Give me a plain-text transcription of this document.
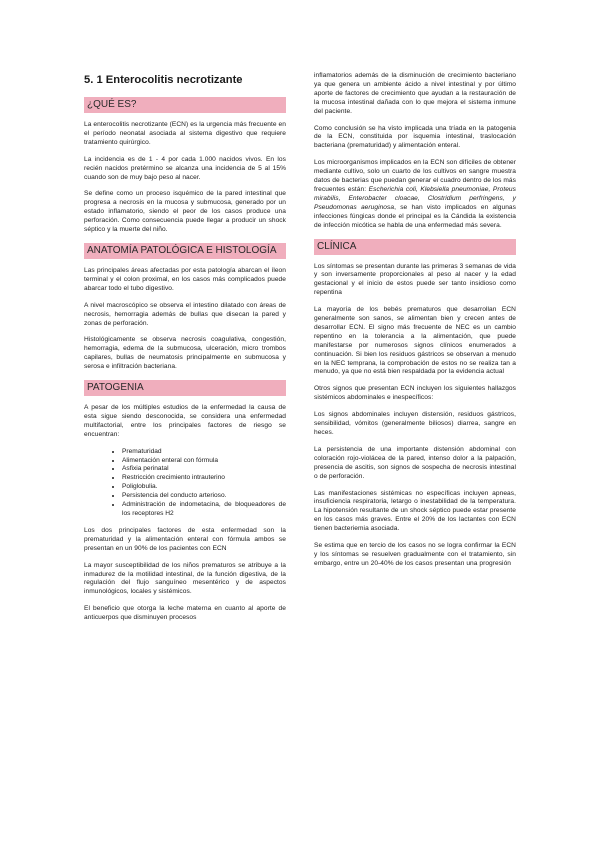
5. 1 Enterocolitis necrotizante
¿QUÉ ES?

La enterocolitis necrotizante (ECN) es la urgencia más frecuente en el período neonatal asociada al sistema digestivo que requiere tratamiento quirúrgico.

La incidencia es de 1 - 4 por cada 1.000 nacidos vivos. En los recién nacidos pretérmino se alcanza una incidencia de 5 al 15% cuando son de muy bajo peso al nacer.

Se define como un proceso isquémico de la pared intestinal que progresa a necrosis en la mucosa y submucosa, generado por un estado inflamatorio, siendo el peor de los casos produce una perforación. Como consecuencia puede llegar a producir un shock séptico y la muerte del niño.

ANATOMÍA PATOLÓGICA E HISTOLOGÍA

Las principales áreas afectadas por esta patología abarcan el íleon terminal y el colon proximal, en los casos más complicados puede abarcar todo el tubo digestivo.

A nivel macroscópico se observa el intestino dilatado con áreas de necrosis, hemorragia además de bullas que disecan la pared y zonas de perforación.

Histológicamente se observa necrosis coagulativa, congestión, hemorragia, edema de la submucosa, ulceración, micro trombos capilares, bullas de neumatosis principalmente en submucosa y serosa e infiltración bacteriana.

PATOGENIA

A pesar de los múltiples estudios de la enfermedad la causa de esta sigue siendo desconocida, se considera una enfermedad multifactorial, entre los principales factores de riesgo se encuentran:

• Prematuridad
• Alimentación enteral con fórmula
• Asfixia perinatal
• Restricción crecimiento intrauterino
• Poliglobulia.
• Persistencia del conducto arterioso.
• Administración de indometacina, de bloqueadores de los receptores H2

Los dos principales factores de esta enfermedad son la prematuridad y la alimentación enteral con fórmula ambos se presentan en un 90% de los pacientes con ECN

La mayor susceptibilidad de los niños prematuros se atribuye a la inmadurez de la motilidad intestinal, de la función digestiva, de la regulación del flujo sanguíneo mesentérico y de aspectos inmunológicos, locales y sistémicos.

El beneficio que otorga la leche materna en cuanto al aporte de anticuerpos que disminuyen procesos

inflamatorios además de la disminución de crecimiento bacteriano ya que genera un ambiente ácido a nivel intestinal y por último aporte de factores de crecimiento que ayudan a la restauración de la mucosa intestinal dañada con lo que mejora el sistema inmune del paciente.

Como conclusión se ha visto implicada una tríada en la patogenia de la ECN, constituida por isquemia intestinal, traslocación bacteriana (prematuridad) y alimentación enteral.

Los microorganismos implicados en la ECN son difíciles de obtener mediante cultivo, solo un cuarto de los cultivos en sangre muestra datos de bacterias que puedan generar el cuadro dentro de los más frecuentes están: Escherichia coli, Klebsiella pneumoniae, Proteus mirabilis, Enterobacter cloacae, Clostridium perfringens, y Pseudomonas aeruginosa, se han visto implicados en algunas infecciones fúngicas donde el principal es la Cándida la existencia de infección micótica se habla de una enfermedad más severa.

CLÍNICA

Los síntomas se presentan durante las primeras 3 semanas de vida y son inversamente proporcionales al peso al nacer y la edad gestacional y el inicio de estos puede ser tanto insidioso como repentina

La mayoría de los bebés prematuros que desarrollan ECN generalmente son sanos, se alimentan bien y crecen antes de desarrollar ECN. El signo más frecuente de NEC es un cambio repentino en la tolerancia a la alimentación, que puede manifestarse por numerosos signos clínicos enumerados a continuación. Si bien los residuos gástricos se observan a menudo en la NEC temprana, la comprobación de estos no se realiza tan a menudo, ya que no está bien respaldada por la evidencia actual

Otros signos que presentan ECN incluyen los siguientes hallazgos sistémicos abdominales e inespecíficos:

Los signos abdominales incluyen distensión, residuos gástricos, sensibilidad, vómitos (generalmente biliosos) diarrea, sangre en heces.

La persistencia de una importante distensión abdominal con coloración rojo-violácea de la pared, intenso dolor a la palpación, presencia de ascitis, son signos de sospecha de necrosis intestinal o de perforación.

Las manifestaciones sistémicas no específicas incluyen apneas, insuficiencia respiratoria, letargo o inestabilidad de la temperatura. La hipotensión resultante de un shock séptico puede estar presente en los casos más graves. Entre el 20% de los lactantes con ECN tienen bacteriemia asociada.

Se estima que en tercio de los casos no se logra confirmar la ECN y los síntomas se resuelven gradualmente con el tratamiento, sin embargo, entre un 20-40% de los casos presentan una progresión
